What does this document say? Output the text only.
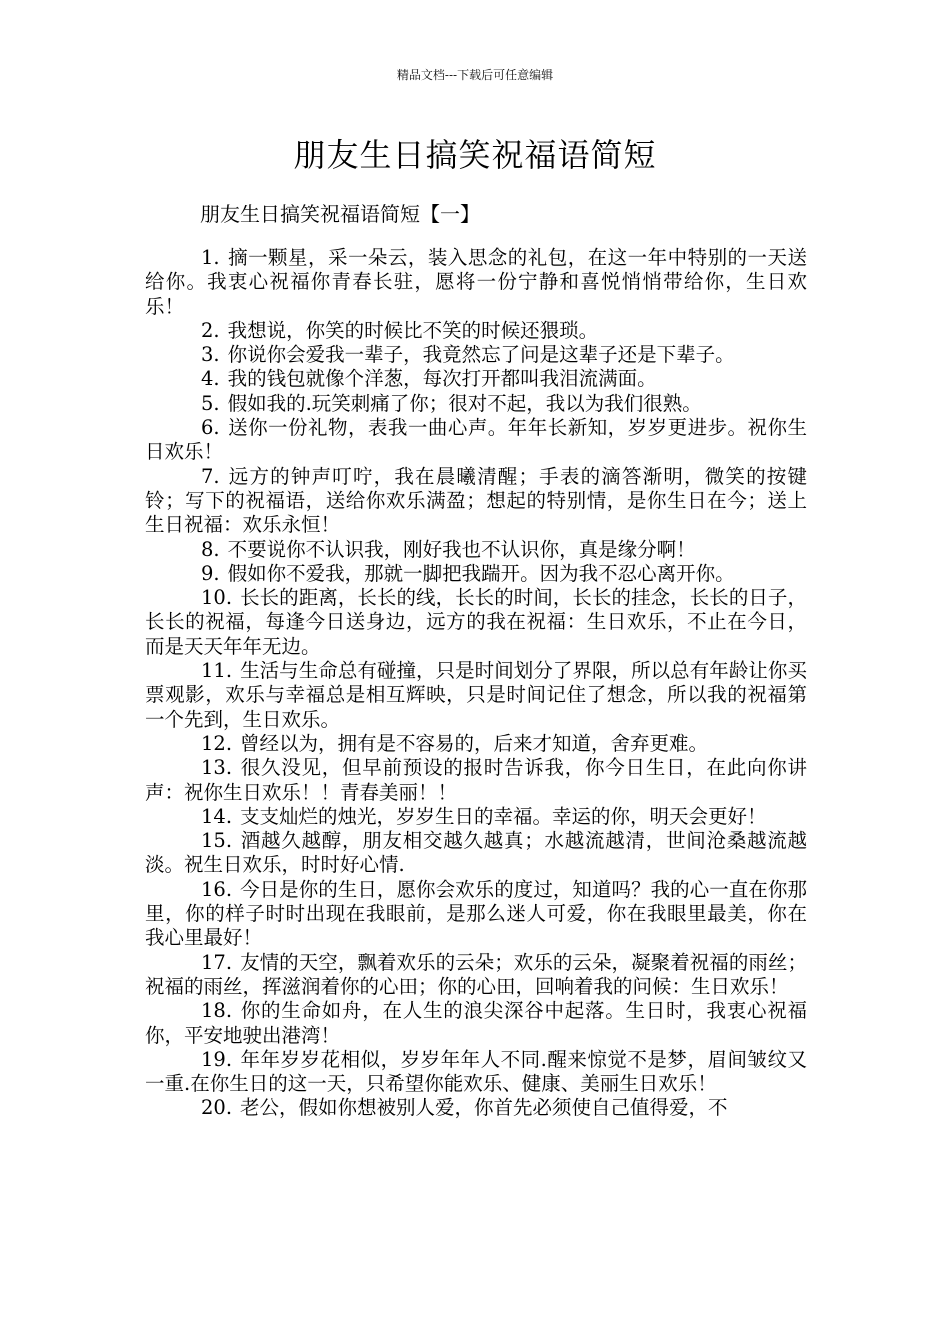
精品文档---下载后可任意编辑
朋友生日搞笑祝福语简短
朋友生日搞笑祝福语简短【一】

1. 摘一颗星，采一朵云，装入思念的礼包，在这一年中特别的一天送给你。我衷心祝福你青春长驻，愿将一份宁静和喜悦悄悄带给你，生日欢乐！

2. 我想说，你笑的时候比不笑的时候还猥琐。

3. 你说你会爱我一辈子，我竟然忘了问是这辈子还是下辈子。

4. 我的钱包就像个洋葱，每次打开都叫我泪流满面。

5. 假如我的.玩笑刺痛了你；很对不起，我以为我们很熟。

6. 送你一份礼物，表我一曲心声。年年长新知，岁岁更进步。祝你生日欢乐！

7. 远方的钟声叮咛，我在晨曦清醒；手表的滴答渐明，微笑的按键铃；写下的祝福语，送给你欢乐满盈；想起的特别情，是你生日在今；送上生日祝福：欢乐永恒！

8. 不要说你不认识我，刚好我也不认识你，真是缘分啊！

9. 假如你不爱我，那就一脚把我踹开。因为我不忍心离开你。

10. 长长的距离，长长的线，长长的时间，长长的挂念，长长的日子，长长的祝福，每逢今日送身边，远方的我在祝福：生日欢乐，不止在今日，而是天天年年无边。

11. 生活与生命总有碰撞，只是时间划分了界限，所以总有年龄让你买票观影，欢乐与幸福总是相互辉映，只是时间记住了想念，所以我的祝福第一个先到，生日欢乐。

12. 曾经以为，拥有是不容易的，后来才知道，舍弃更难。

13. 很久没见，但早前预设的报时告诉我，你今日生日，在此向你讲声：祝你生日欢乐！！青春美丽！！

14. 支支灿烂的烛光，岁岁生日的幸福。幸运的你，明天会更好！

15. 酒越久越醇，朋友相交越久越真；水越流越清，世间沧桑越流越淡。祝生日欢乐，时时好心情.

16. 今日是你的生日，愿你会欢乐的度过，知道吗？我的心一直在你那里，你的样子时时出现在我眼前，是那么迷人可爱，你在我眼里最美，你在我心里最好！

17. 友情的天空，飘着欢乐的云朵；欢乐的云朵，凝聚着祝福的雨丝；祝福的雨丝，挥滋润着你的心田；你的心田，回响着我的问候：生日欢乐！

18. 你的生命如舟，在人生的浪尖深谷中起落。生日时，我衷心祝福你，平安地驶出港湾！

19. 年年岁岁花相似，岁岁年年人不同.醒来惊觉不是梦，眉间皱纹又一重.在你生日的这一天，只希望你能欢乐、健康、美丽生日欢乐！

20. 老公，假如你想被别人爱，你首先必须使自己值得爱，不
